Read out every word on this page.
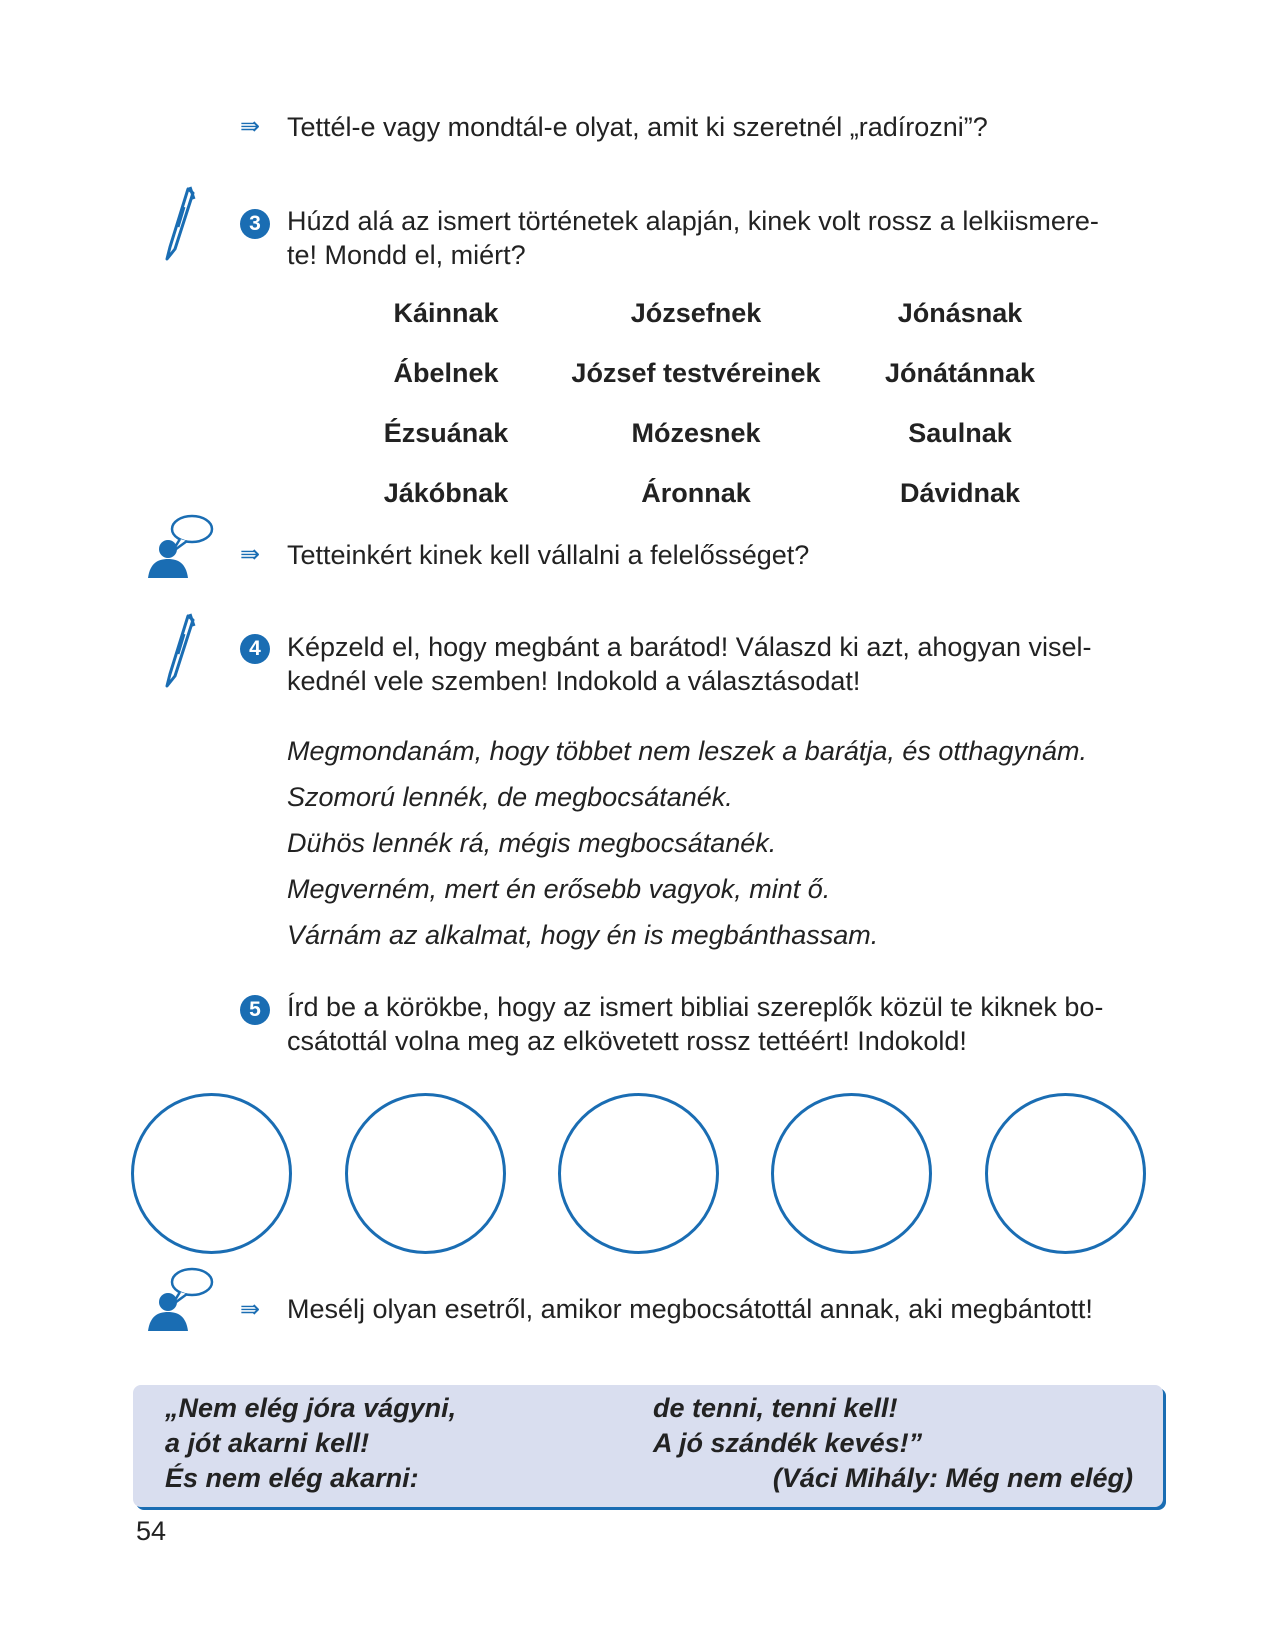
⇛ Tettél-e vagy mondtál-e olyat, amit ki szeretnél „radírozni”?
3 Húzd alá az ismert történetek alapján, kinek volt rossz a lelkiismere-
te! Mondd el, miért?
Káinnak
Ábelnek
Ézsuának
Jákóbnak
Józsefnek
József testvéreinek
Mózesnek
Áronnak
Jónásnak
Jónátánnak
Saulnak
Dávidnak
⇛ Tetteinkért kinek kell vállalni a felelősséget?
4 Képzeld el, hogy megbánt a barátod! Válaszd ki azt, ahogyan visel-
kednél vele szemben! Indokold a választásodat!
Megmondanám, hogy többet nem leszek a barátja, és otthagynám.
Szomorú lennék, de megbocsátanék.
Dühös lennék rá, mégis megbocsátanék.
Megverném, mert én erősebb vagyok, mint ő.
Várnám az alkalmat, hogy én is megbánthassam.
5 Írd be a körökbe, hogy az ismert bibliai szereplők közül te kiknek bo-
csátottál volna meg az elkövetett rossz tettéért! Indokold!
⇛ Mesélj olyan esetről, amikor megbocsátottál annak, aki megbántott!
„Nem elég jóra vágyni,
a jót akarni kell!
És nem elég akarni:
de tenni, tenni kell!
A jó szándék kevés!”
(Váci Mihály: Még nem elég)
54
